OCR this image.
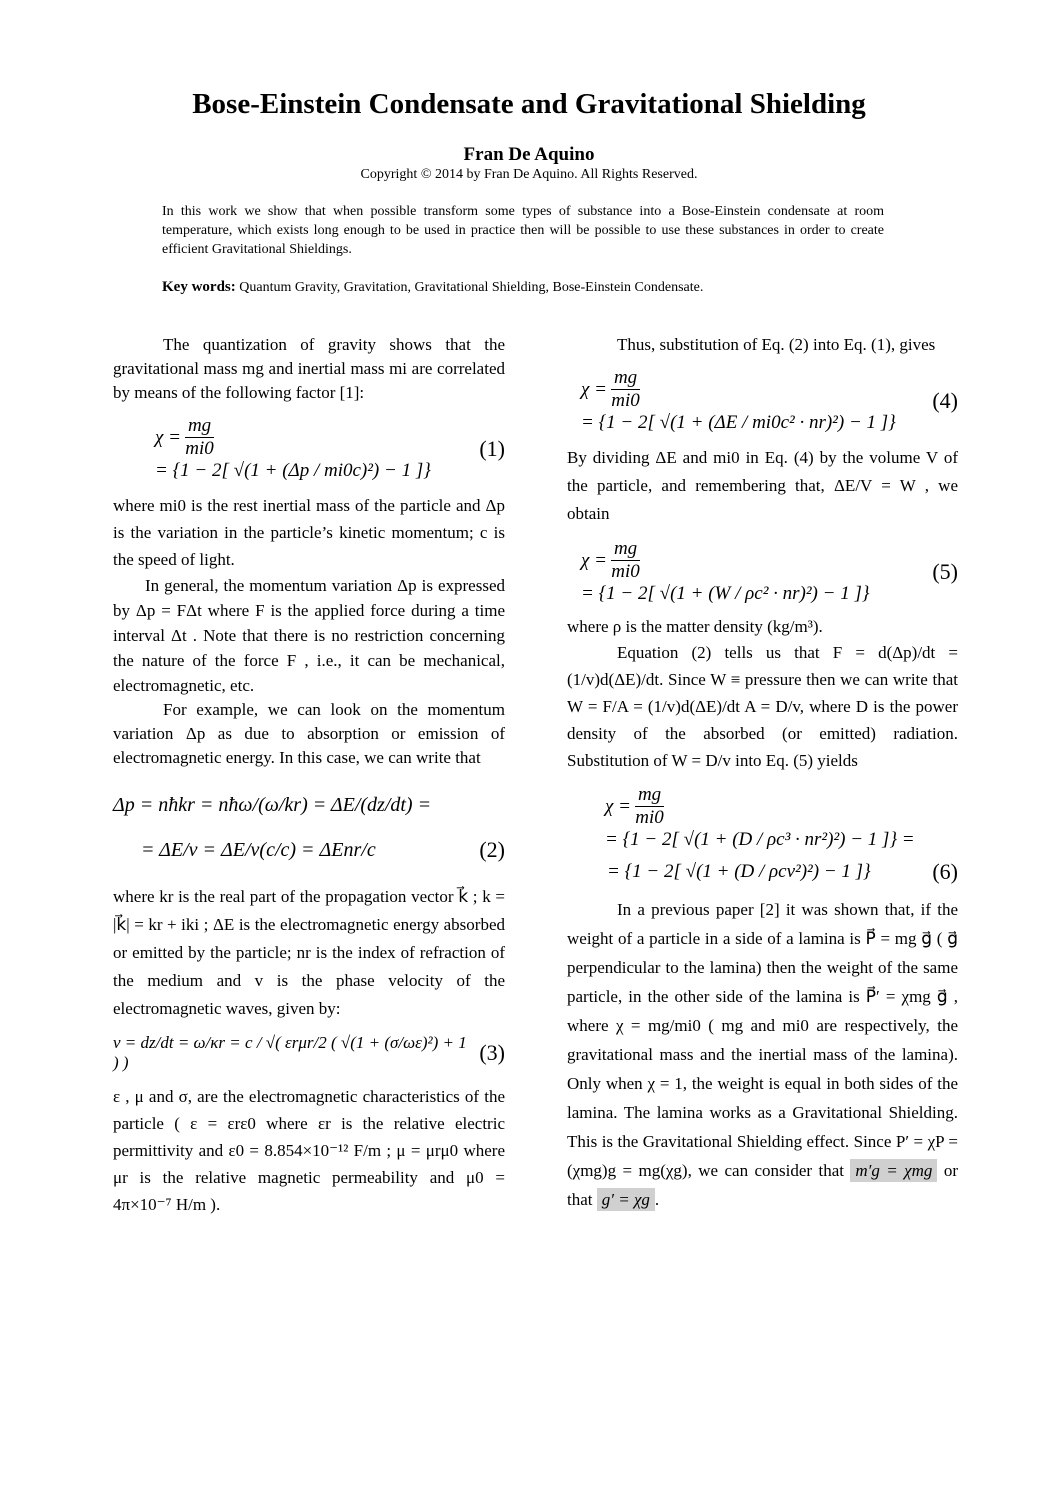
Bose-Einstein Condensate and Gravitational Shielding
Fran De Aquino
Copyright © 2014 by Fran De Aquino. All Rights Reserved.
In this work we show that when possible transform some types of substance into a Bose-Einstein condensate at room temperature, which exists long enough to be used in practice then will be possible to use these substances in order to create efficient Gravitational Shieldings.
Key words: Quantum Gravity, Gravitation, Gravitational Shielding, Bose-Einstein Condensate.
The quantization of gravity shows that the gravitational mass mg and inertial mass mi are correlated by means of the following factor [1]:
$\chi = \frac{mg}{mi0}$
= {1 − 2[ √(1 + (Δp / mi0c)²) − 1 ]}
(1)
where mi0 is the rest inertial mass of the particle and Δp is the variation in the particle’s kinetic momentum; c is the speed of light.
In general, the momentum variation Δp is expressed by Δp = FΔt where F is the applied force during a time interval Δt . Note that there is no restriction concerning the nature of the force F , i.e., it can be mechanical, electromagnetic, etc.
For example, we can look on the momentum variation Δp as due to absorption or emission of electromagnetic energy. In this case, we can write that
Δp = nħkr = nħω/(ω/kr) = ΔE/(dz/dt) =
= ΔE/v = ΔE/v(c/c) = ΔEnr/c	(2)
where kr is the real part of the propagation vector k⃗ ; k = |k⃗| = kr + iki ; ΔE is the electromagnetic energy absorbed or emitted by the particle; nr is the index of refraction of the medium and v is the phase velocity of the electromagnetic waves, given by:
v = dz/dt = ω/κr = c / √( εrμr/2 ( √(1 + (σ/ωε)²) + 1 ) )	(3)
ε , μ and σ, are the electromagnetic characteristics of the particle ( ε = εrε0 where εr is the relative electric permittivity and ε0 = 8.854×10⁻¹² F/m ; μ = μrμ0 where μr is the relative magnetic permeability and μ0 = 4π×10⁻⁷ H/m ).
Thus, substitution of Eq. (2) into Eq. (1), gives
$\chi = \frac{mg}{mi0}$
= {1 − 2[ √(1 + (ΔE / mi0c² · nr)²) − 1 ]}
(4)
By dividing ΔE and mi0 in Eq. (4) by the volume V of the particle, and remembering that, ΔE/V = W , we obtain
$\chi = \frac{mg}{mi0}$
= {1 − 2[ √(1 + (W / ρc² · nr)²) − 1 ]}
(5)
where ρ is the matter density (kg/m³).
Equation (2) tells us that F = d(Δp)/dt = (1/v)d(ΔE)/dt. Since W ≡ pressure then we can write that W = F/A = (1/v)d(ΔE)/dt A = D/v, where D is the power density of the absorbed (or emitted) radiation. Substitution of W = D/v into Eq. (5) yields
$\chi = \frac{mg}{mi0}$
= {1 − 2[ √(1 + (D / ρc³ · nr²)²) − 1 ]} =
= {1 − 2[ √(1 + (D / ρcv²)²) − 1 ]}	(6)
In a previous paper [2] it was shown that, if the weight of a particle in a side of a lamina is P⃗ = mg g⃗ ( g⃗ perpendicular to the lamina) then the weight of the same particle, in the other side of the lamina is P⃗′ = χmg g⃗ , where χ = mg/mi0 ( mg and mi0 are respectively, the gravitational mass and the inertial mass of the lamina). Only when χ = 1, the weight is equal in both sides of the lamina. The lamina works as a Gravitational Shielding. This is the Gravitational Shielding effect. Since P′ = χP = (χmg)g = mg(χg), we can consider that m′g = χmg or that g′ = χg .
